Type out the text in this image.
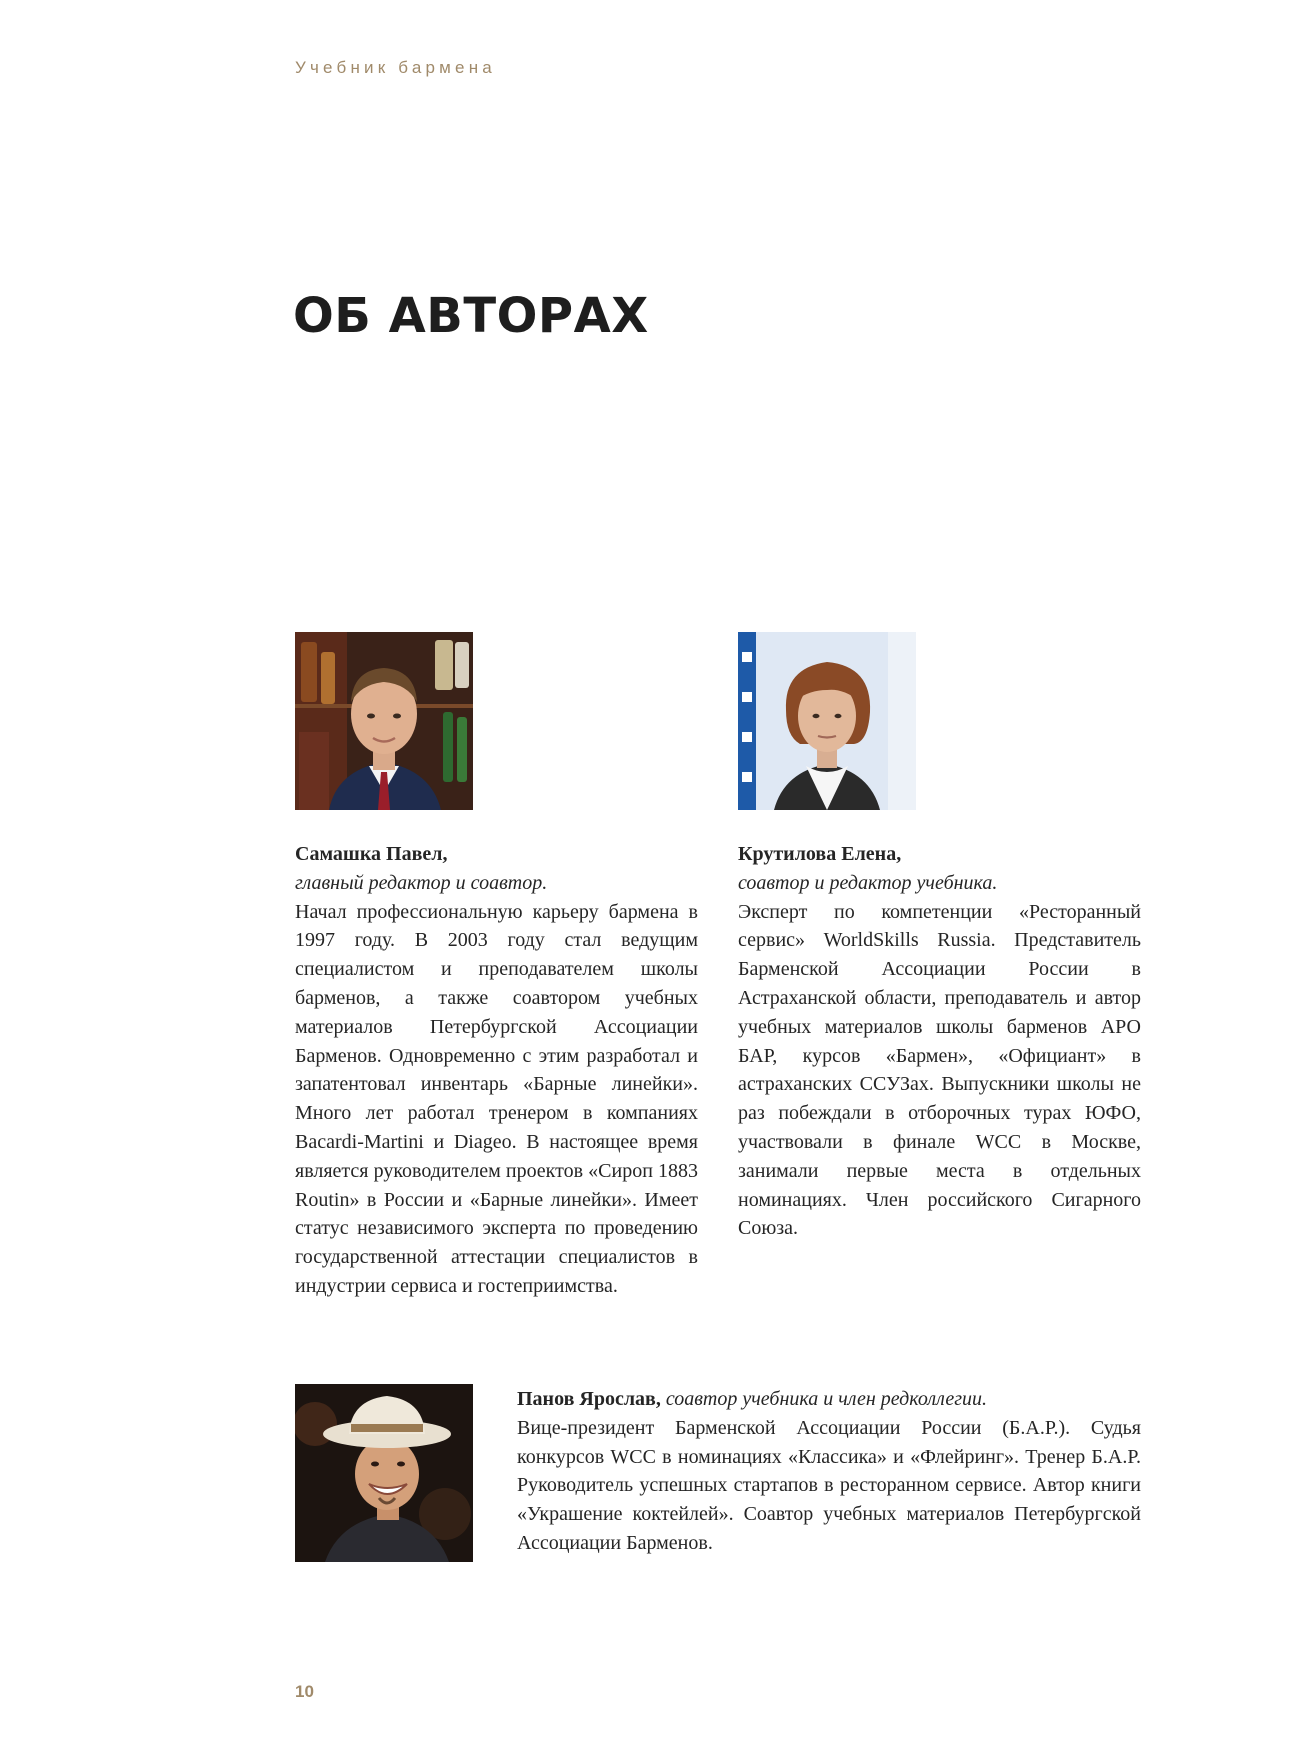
Учебник бармена
ОБ АВТОРАХ
Самашка Павел,
главный редактор и соавтор.
Начал профессиональную карьеру бармена в 1997 году. В 2003 году стал ведущим специалистом и преподавателем школы барменов, а также соавтором учебных материалов Петербургской Ассоциации Барменов. Одновременно с этим разработал и запатентовал инвентарь «Барные линейки». Много лет работал тренером в компаниях Bacardi-Martini и Diageo. В настоящее время является руководителем проектов «Сироп 1883 Routin» в России и «Барные линейки». Имеет статус независимого эксперта по проведению государственной аттестации специалистов в индустрии сервиса и гостеприимства.
Крутилова Елена,
соавтор и редактор учебника.
Эксперт по компетенции «Ресторанный сервис» WorldSkills Russia. Представитель Барменской Ассоциации России в Астраханской области, преподаватель и автор учебных материалов школы барменов АРО БАР, курсов «Бармен», «Официант» в астраханских ССУЗах. Выпускники школы не раз побеждали в отборочных турах ЮФО, участвовали в финале WCC в Москве, занимали первые места в отдельных номинациях. Член российского Сигарного Союза.
Панов Ярослав, соавтор учебника и член редколлегии.
Вице-президент Барменской Ассоциации России (Б.А.Р.). Судья конкурсов WCC в номинациях «Классика» и «Флейринг». Тренер Б.А.Р. Руководитель успешных стартапов в ресторанном сервисе. Автор книги «Украшение коктейлей». Соавтор учебных материалов Петербургской Ассоциации Барменов.
10
